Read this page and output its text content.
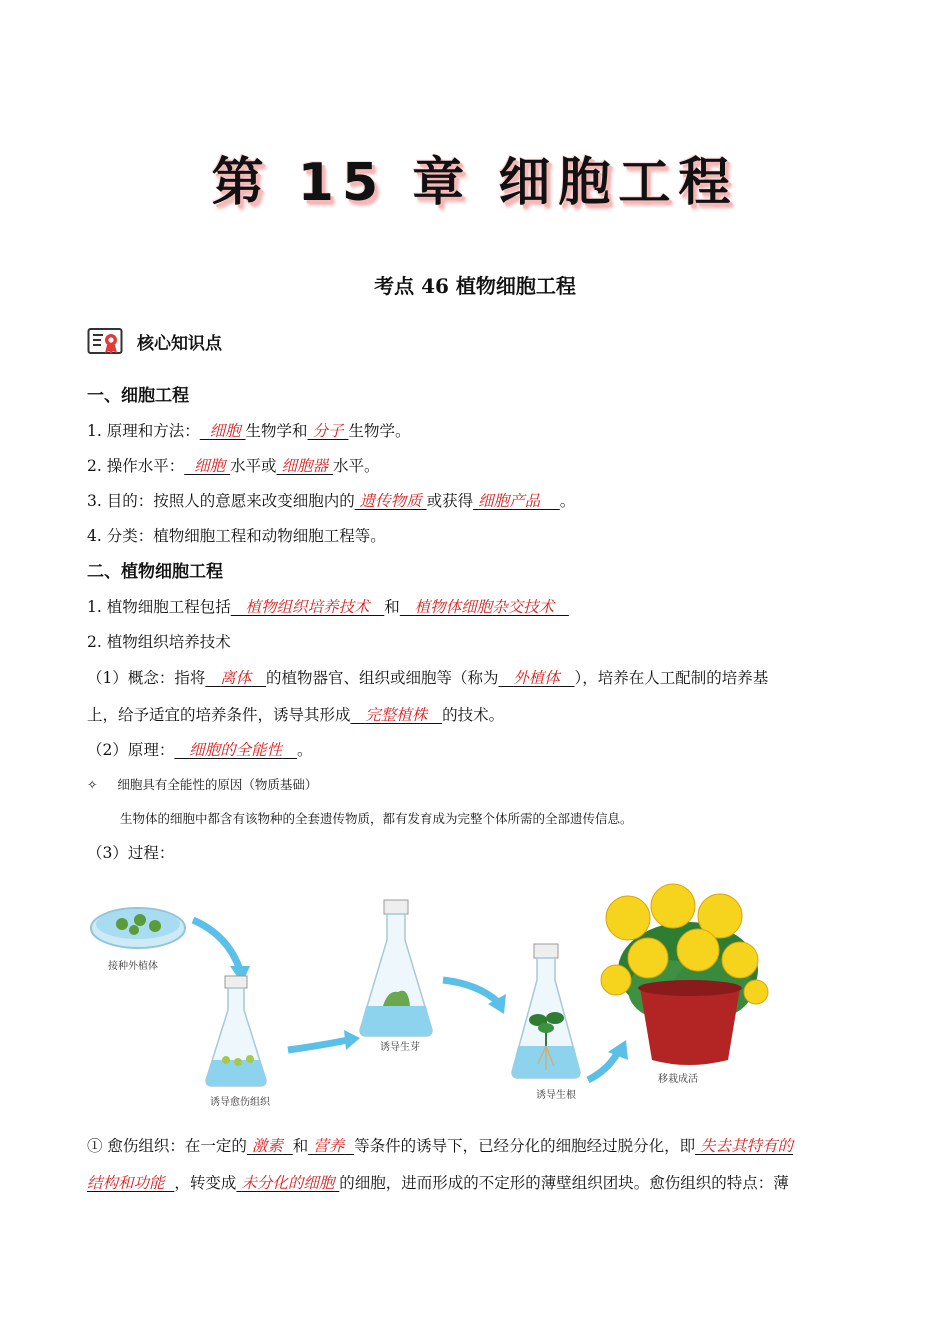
第 15 章 细胞工程
考点 46 植物细胞工程
核心知识点
一、细胞工程
1. 原理和方法： 细胞 生物学和 分子 生物学。
2. 操作水平： 细胞 水平或 细胞器 水平。
3. 目的：按照人的意愿来改变细胞内的 遗传物质 或获得 细胞产品 。
4. 分类：植物细胞工程和动物细胞工程等。
二、植物细胞工程
1. 植物细胞工程包括 植物组织培养技术 和 植物体细胞杂交技术
2. 植物组织培养技术
（1）概念：指将 离体 的植物器官、组织或细胞等（称为 外植体 ），培养在人工配制的培养基
上，给予适宜的培养条件，诱导其形成 完整植株 的技术。
（2）原理： 细胞的全能性 。
✧ 细胞具有全能性的原因（物质基础）
生物体的细胞中都含有该物种的全套遗传物质，都有发育成为完整个体所需的全部遗传信息。
（3）过程：
接种外植体
诱导愈伤组织
诱导生芽
诱导生根
移栽成活
① 愈伤组织：在一定的 激素 和 营养 等条件的诱导下，已经分化的细胞经过脱分化，即 失去其特有的
结构和功能 ，转变成 未分化的细胞 的细胞，进而形成的不定形的薄壁组织团块。愈伤组织的特点：薄
